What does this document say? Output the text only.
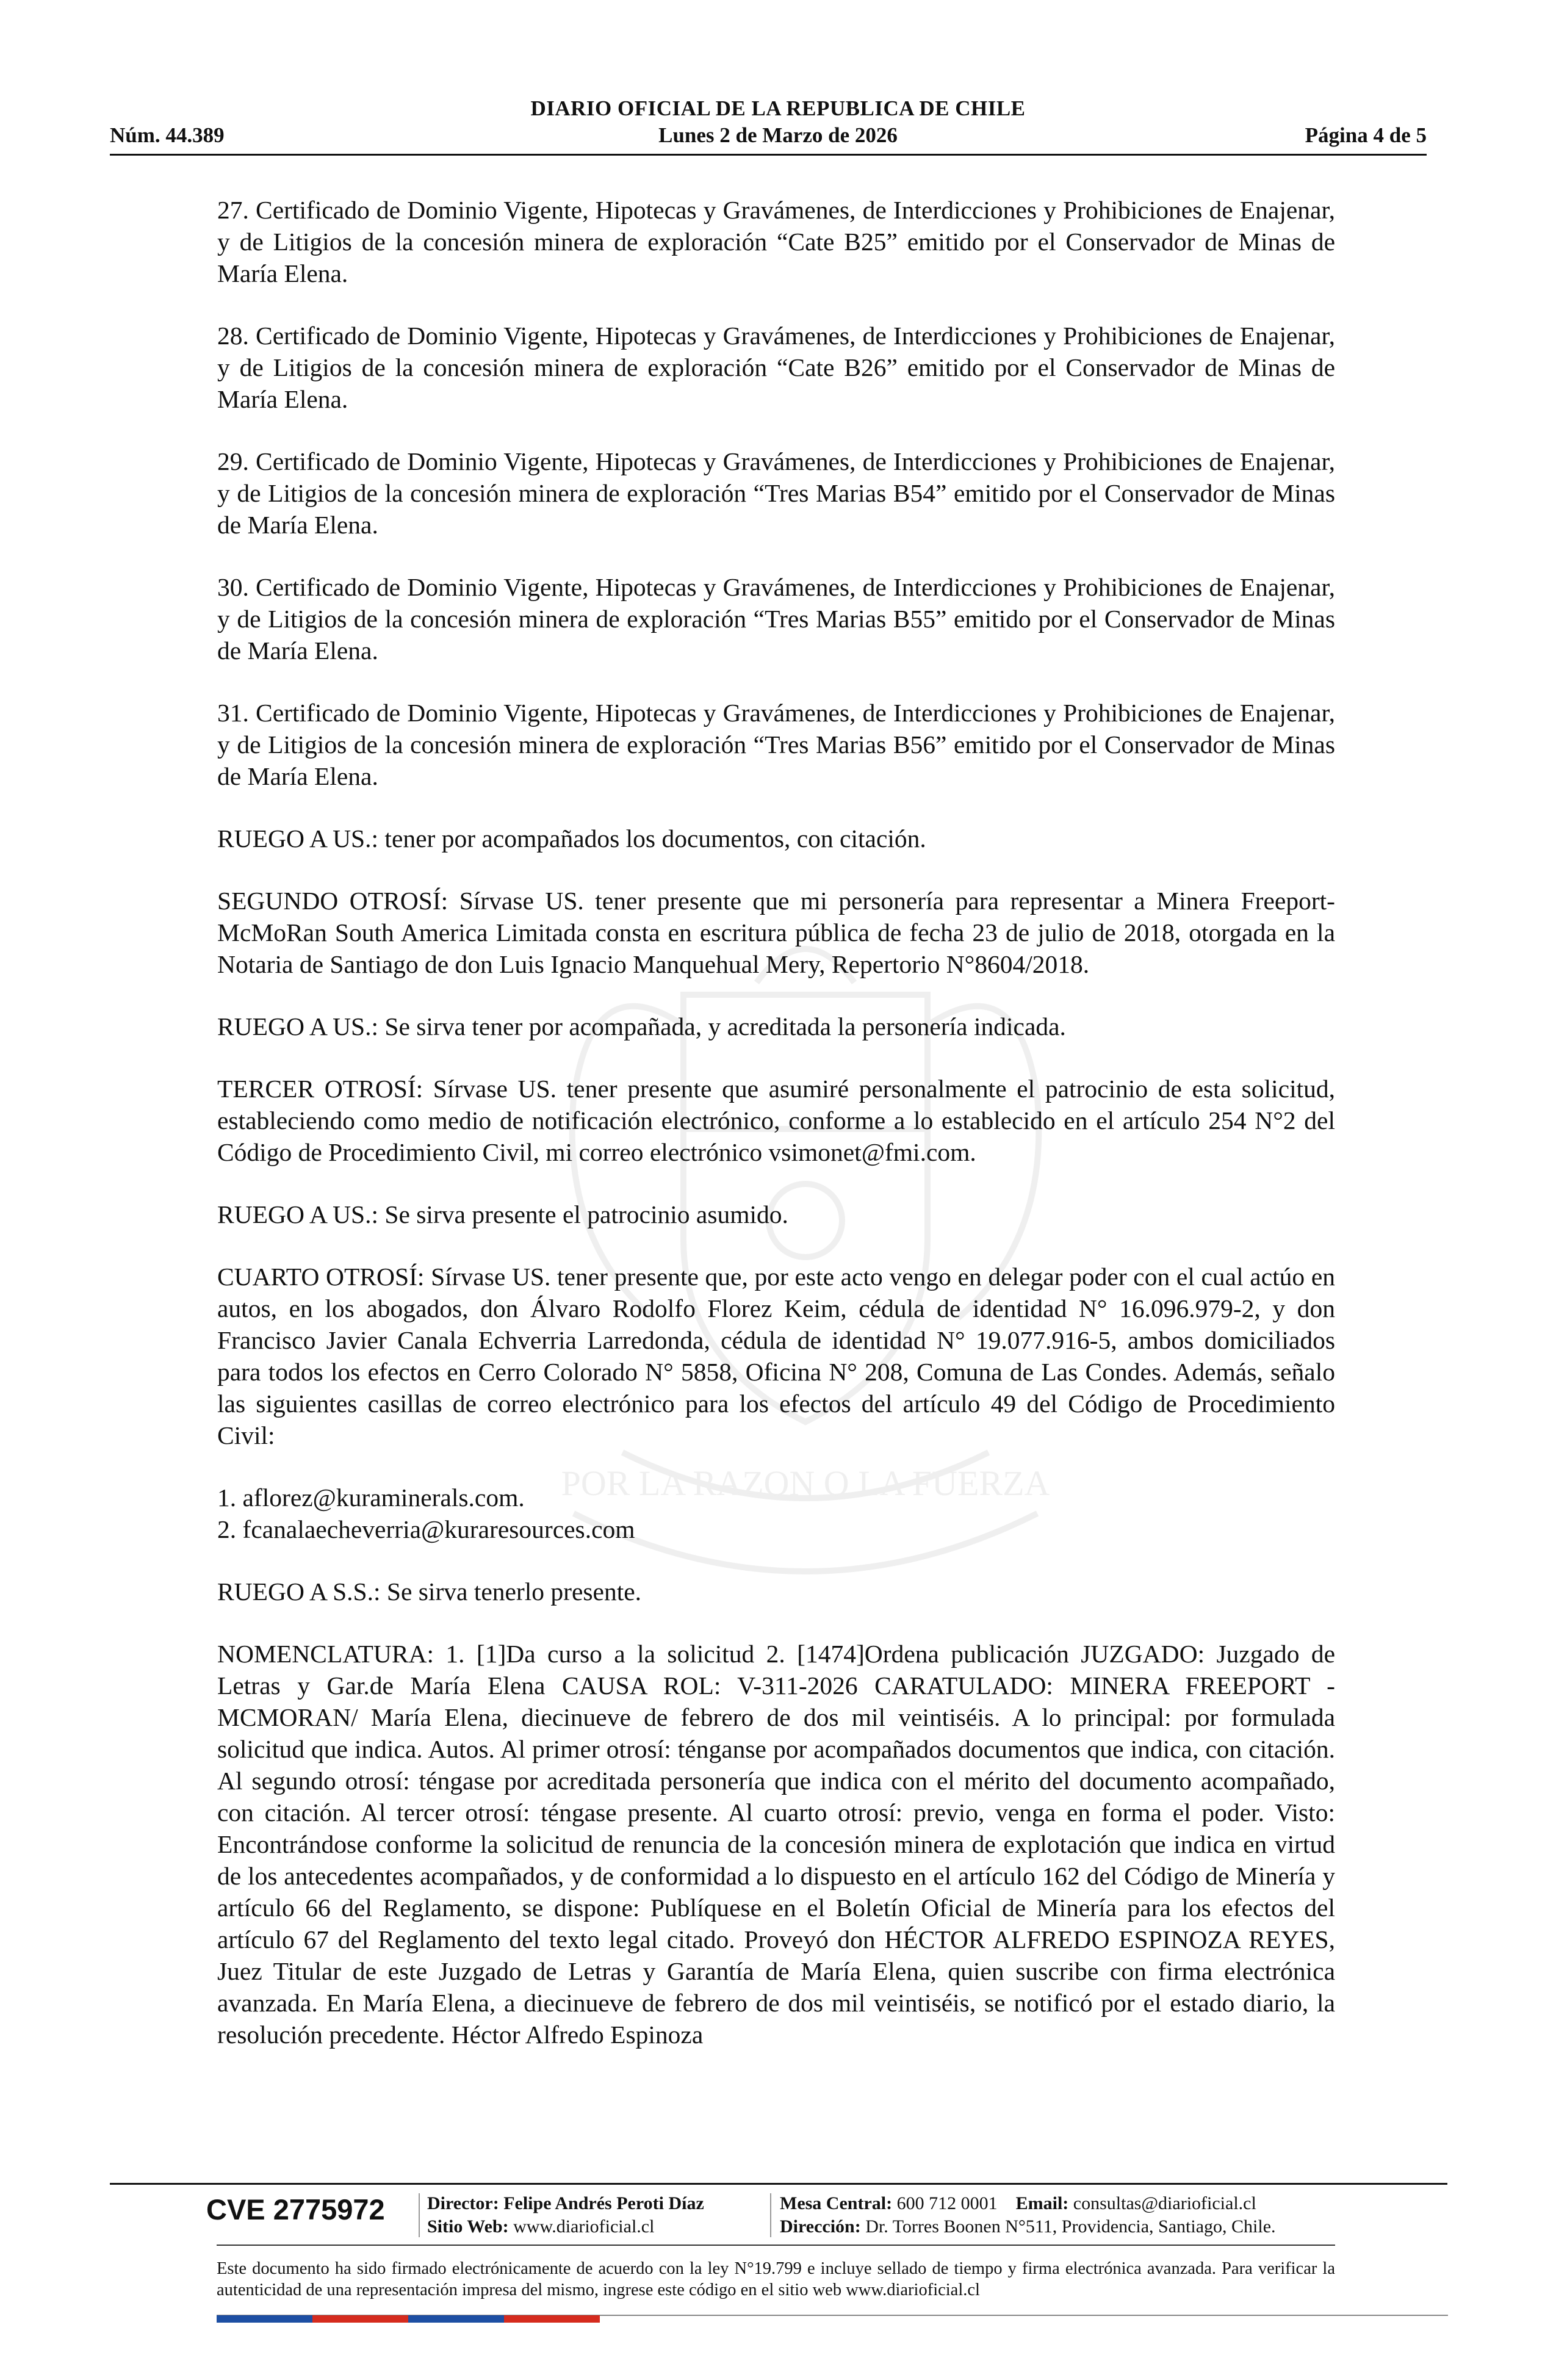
POR LA RAZON O LA FUERZA
DIARIO OFICIAL DE LA REPUBLICA DE CHILE
Núm. 44.389	Lunes 2 de Marzo de 2026	Página 4 de 5

27. Certificado de Dominio Vigente, Hipotecas y Gravámenes, de Interdicciones y Prohibiciones de Enajenar, y de Litigios de la concesión minera de exploración “Cate B25” emitido por el Conservador de Minas de María Elena.

28. Certificado de Dominio Vigente, Hipotecas y Gravámenes, de Interdicciones y Prohibiciones de Enajenar, y de Litigios de la concesión minera de exploración “Cate B26” emitido por el Conservador de Minas de María Elena.

29. Certificado de Dominio Vigente, Hipotecas y Gravámenes, de Interdicciones y Prohibiciones de Enajenar, y de Litigios de la concesión minera de exploración “Tres Marias B54” emitido por el Conservador de Minas de María Elena.

30. Certificado de Dominio Vigente, Hipotecas y Gravámenes, de Interdicciones y Prohibiciones de Enajenar, y de Litigios de la concesión minera de exploración “Tres Marias B55” emitido por el Conservador de Minas de María Elena.

31. Certificado de Dominio Vigente, Hipotecas y Gravámenes, de Interdicciones y Prohibiciones de Enajenar, y de Litigios de la concesión minera de exploración “Tres Marias B56” emitido por el Conservador de Minas de María Elena.

RUEGO A US.: tener por acompañados los documentos, con citación.

SEGUNDO OTROSÍ: Sírvase US. tener presente que mi personería para representar a Minera Freeport-McMoRan South America Limitada consta en escritura pública de fecha 23 de julio de 2018, otorgada en la Notaria de Santiago de don Luis Ignacio Manquehual Mery, Repertorio N°8604/2018.

RUEGO A US.: Se sirva tener por acompañada, y acreditada la personería indicada.

TERCER OTROSÍ: Sírvase US. tener presente que asumiré personalmente el patrocinio de esta solicitud, estableciendo como medio de notificación electrónico, conforme a lo establecido en el artículo 254 N°2 del Código de Procedimiento Civil, mi correo electrónico vsimonet@fmi.com.

RUEGO A US.: Se sirva presente el patrocinio asumido.

CUARTO OTROSÍ: Sírvase US. tener presente que, por este acto vengo en delegar poder con el cual actúo en autos, en los abogados, don Álvaro Rodolfo Florez Keim, cédula de identidad N° 16.096.979-2, y don Francisco Javier Canala Echverria Larredonda, cédula de identidad N° 19.077.916-5, ambos domiciliados para todos los efectos en Cerro Colorado N° 5858, Oficina N° 208, Comuna de Las Condes. Además, señalo las siguientes casillas de correo electrónico para los efectos del artículo 49 del Código de Procedimiento Civil:

1. aflorez@kuraminerals.com.
2. fcanalaecheverria@kuraresources.com

RUEGO A S.S.: Se sirva tenerlo presente.

NOMENCLATURA: 1. [1]Da curso a la solicitud 2. [1474]Ordena publicación JUZGADO: Juzgado de Letras y Gar.de María Elena CAUSA ROL: V-311-2026 CARATULADO: MINERA FREEPORT - MCMORAN/ María Elena, diecinueve de febrero de dos mil veintiséis. A lo principal: por formulada solicitud que indica. Autos. Al primer otrosí: ténganse por acompañados documentos que indica, con citación. Al segundo otrosí: téngase por acreditada personería que indica con el mérito del documento acompañado, con citación. Al tercer otrosí: téngase presente. Al cuarto otrosí: previo, venga en forma el poder. Visto: Encontrándose conforme la solicitud de renuncia de la concesión minera de explotación que indica en virtud de los antecedentes acompañados, y de conformidad a lo dispuesto en el artículo 162 del Código de Minería y artículo 66 del Reglamento, se dispone: Publíquese en el Boletín Oficial de Minería para los efectos del artículo 67 del Reglamento del texto legal citado. Proveyó don HÉCTOR ALFREDO ESPINOZA REYES, Juez Titular de este Juzgado de Letras y Garantía de María Elena, quien suscribe con firma electrónica avanzada. En María Elena, a diecinueve de febrero de dos mil veintiséis, se notificó por el estado diario, la resolución precedente. Héctor Alfredo Espinoza

CVE 2775972 Director: Felipe Andrés Peroti Díaz
Sitio Web: www.diarioficial.cl
Mesa Central: 600 712 0001 Email: consultas@diarioficial.cl
Dirección: Dr. Torres Boonen N°511, Providencia, Santiago, Chile.
Este documento ha sido firmado electrónicamente de acuerdo con la ley N°19.799 e incluye sellado de tiempo y firma electrónica avanzada. Para verificar la autenticidad de una representación impresa del mismo, ingrese este código en el sitio web www.diarioficial.cl
